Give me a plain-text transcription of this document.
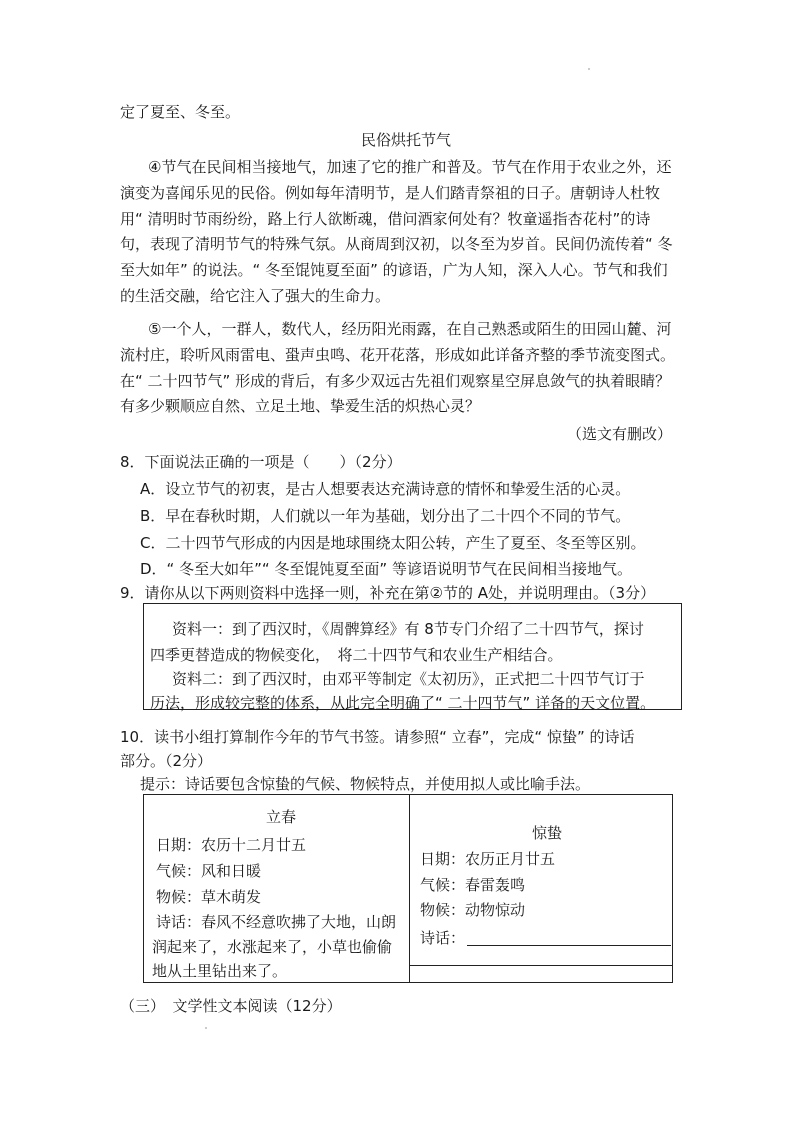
定了夏至、冬至。
民俗烘托节气
④节气在民间相当接地气，加速了它的推广和普及。节气在作用于农业之外，还演变为喜闻乐见的民俗。例如每年清明节，是人们踏青祭祖的日子。唐朝诗人杜牧用“ 清明时节雨纷纷，路上行人欲断魂，借问酒家何处有？牧童遥指杏花村”的诗句，表现了清明节气的特殊气氛。从商周到汉初，以冬至为岁首。民间仍流传着“ 冬至大如年” 的说法。“ 冬至馄饨夏至面” 的谚语，广为人知，深入人心。节气和我们的生活交融，给它注入了强大的生命力。
⑤一个人，一群人，数代人，经历阳光雨露，在自己熟悉或陌生的田园山麓、河流村庄，聆听风雨雷电、蛩声虫鸣、花开花落，形成如此详备齐整的季节流变图式。在“ 二十四节气” 形成的背后，有多少双远古先祖们观察星空屏息敛气的执着眼睛？有多少颗顺应自然、立足土地、挚爱生活的炽热心灵？
（选文有删改）
8．下面说法正确的一项是（　　）（2分）
A．设立节气的初衷，是古人想要表达充满诗意的情怀和挚爱生活的心灵。
B．早在春秋时期，人们就以一年为基础，划分出了二十四个不同的节气。
C．二十四节气形成的内因是地球围绕太阳公转，产生了夏至、冬至等区别。
D．“ 冬至大如年”“ 冬至馄饨夏至面” 等谚语说明节气在民间相当接地气。
9．请你从以下两则资料中选择一则，补充在第②节的 A处，并说明理由。（3分）
资料一：到了西汉时，《周髀算经》有 8节专门介绍了二十四节气，探讨
四季更替造成的物候变化，　将二十四节气和农业生产相结合。
资料二：到了西汉时，由邓平等制定《太初历》，正式把二十四节气订于
历法，形成较完整的体系，从此完全明确了“ 二十四节气” 详备的天文位置。
10．读书小组打算制作今年的节气书签。请参照“ 立春”，完成“ 惊蛰” 的诗话
部分。（2分）
提示：诗话要包含惊蛰的气候、物候特点，并使用拟人或比喻手法。
立春
日期：农历十二月廿五
气候：风和日暖
物候：草木萌发
诗话：春风不经意吹拂了大地，山朗
润起来了，水涨起来了，小草也偷偷
地从土里钻出来了。
惊蛰
日期：农历正月廿五
气候：春雷轰鸣
物候：动物惊动
诗话：
（三）　文学性文本阅读（12分）
